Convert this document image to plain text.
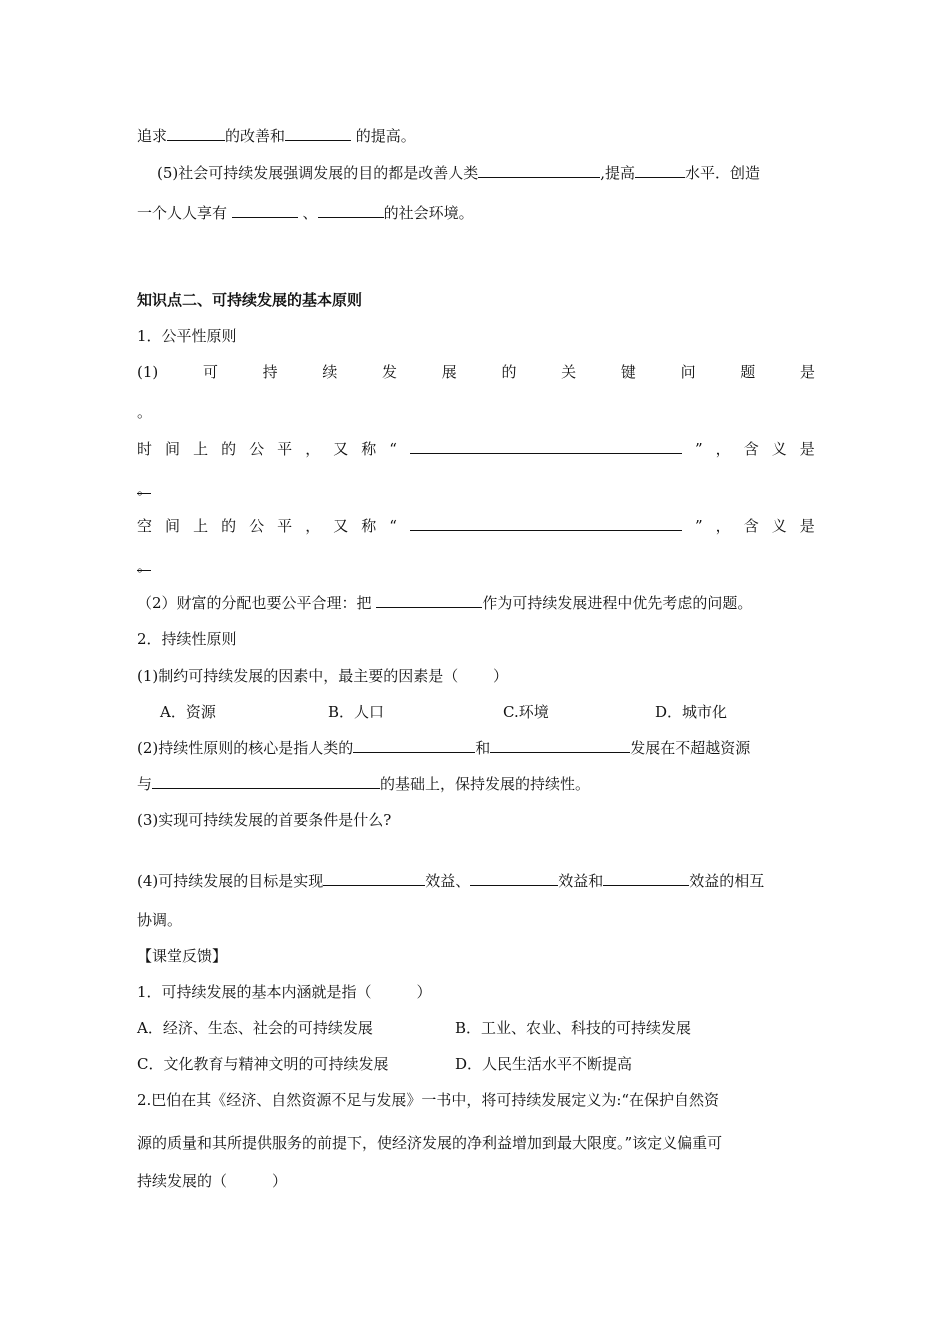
追求	的改善和	的提高。
(5)社会可持续发展强调发展的目的都是改善人类	,提高	水平．创造
一个人人享有	、	的社会环境。
知识点二、可持续发展的基本原则
1．公平性原则
(1)	可	持	续	发	展	的	关	键	问	题	是
。
时 间 上 的 公 平 ， 又 称 “	” ， 含 义 是
。
空 间 上 的 公 平 ， 又 称 “	” ， 含 义 是
。
（2）财富的分配也要公平合理：把	作为可持续发展进程中优先考虑的问题。
2．持续性原则
(1)制约可持续发展的因素中，最主要的因素是（　　 ）
A．资源	B．人口	C.环境	D．城市化
(2)持续性原则的核心是指人类的	和	发展在不超越资源
与	的基础上，保持发展的持续性。
(3)实现可持续发展的首要条件是什么?
(4)可持续发展的目标是实现	效益、	效益和	效益的相互
协调。
【课堂反馈】
1．可持续发展的基本内涵就是指（　　　）
A．经济、生态、社会的可持续发展	B．工业、农业、科技的可持续发展
C．文化教育与精神文明的可持续发展	D．人民生活水平不断提高
2.巴伯在其《经济、自然资源不足与发展》一书中，将可持续发展定义为:“在保护自然资
源的质量和其所提供服务的前提下，使经济发展的净利益增加到最大限度。”该定义偏重可
持续发展的（　　　）
